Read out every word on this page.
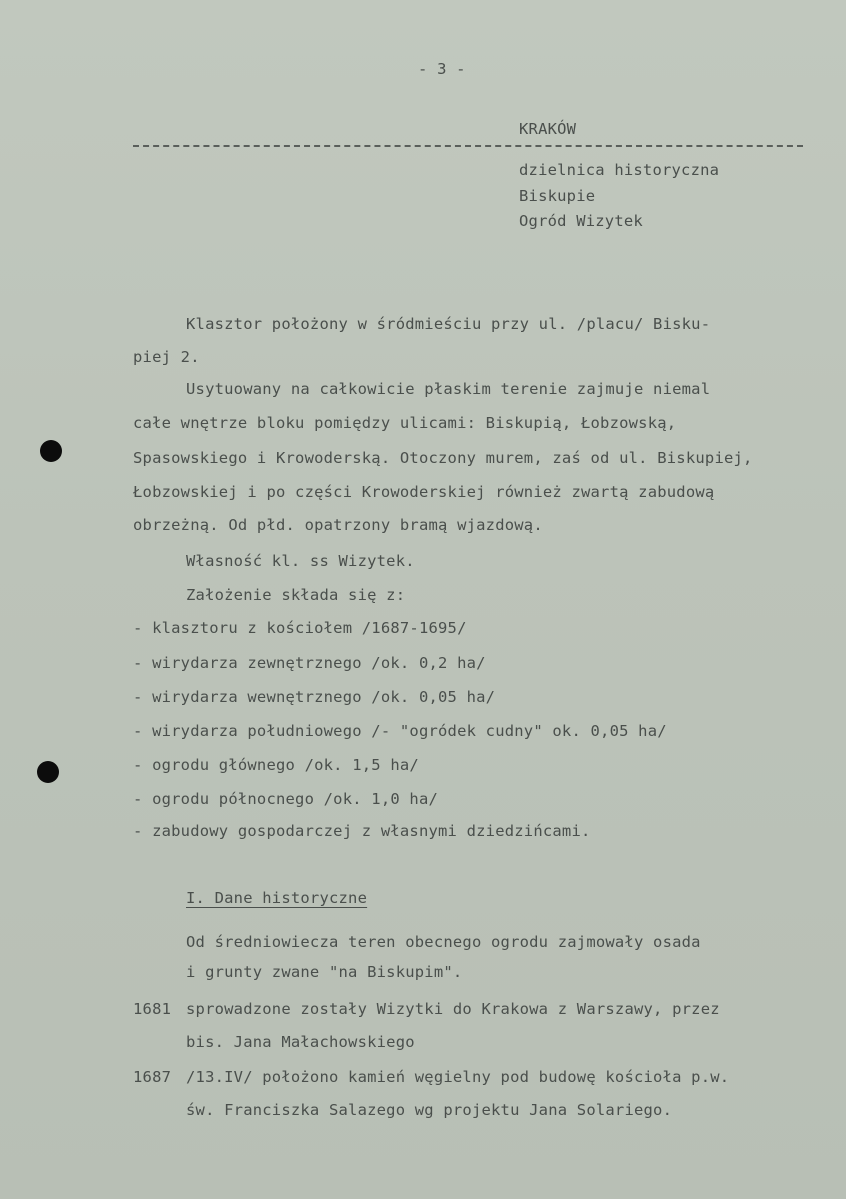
- 3 -
KRAKÓW
dzielnica historyczna
Biskupie
Ogród Wizytek
Klasztor położony w śródmieściu przy ul. /placu/ Bisku-
piej 2.
Usytuowany na całkowicie płaskim terenie zajmuje niemal
całe wnętrze bloku pomiędzy ulicami: Biskupią, Łobzowską,
Spasowskiego i Krowoderską. Otoczony murem, zaś od ul. Biskupiej,
Łobzowskiej i po części Krowoderskiej również zwartą zabudową
obrzeżną. Od płd. opatrzony bramą wjazdową.
Własność kl. ss Wizytek.
Założenie składa się z:
- klasztoru z kościołem /1687-1695/
- wirydarza zewnętrznego /ok. 0,2 ha/
- wirydarza wewnętrznego /ok. 0,05 ha/
- wirydarza południowego /- "ogródek cudny" ok. 0,05 ha/
- ogrodu głównego /ok. 1,5 ha/
- ogrodu północnego /ok. 1,0 ha/
- zabudowy gospodarczej z własnymi dziedzińcami.
I. Dane historyczne
Od średniowiecza teren obecnego ogrodu zajmowały osada
i grunty zwane "na Biskupim".
1681 sprowadzone zostały Wizytki do Krakowa z Warszawy, przez
bis. Jana Małachowskiego
1687 /13.IV/ położono kamień węgielny pod budowę kościoła p.w.
św. Franciszka Salazego wg projektu Jana Solariego.
